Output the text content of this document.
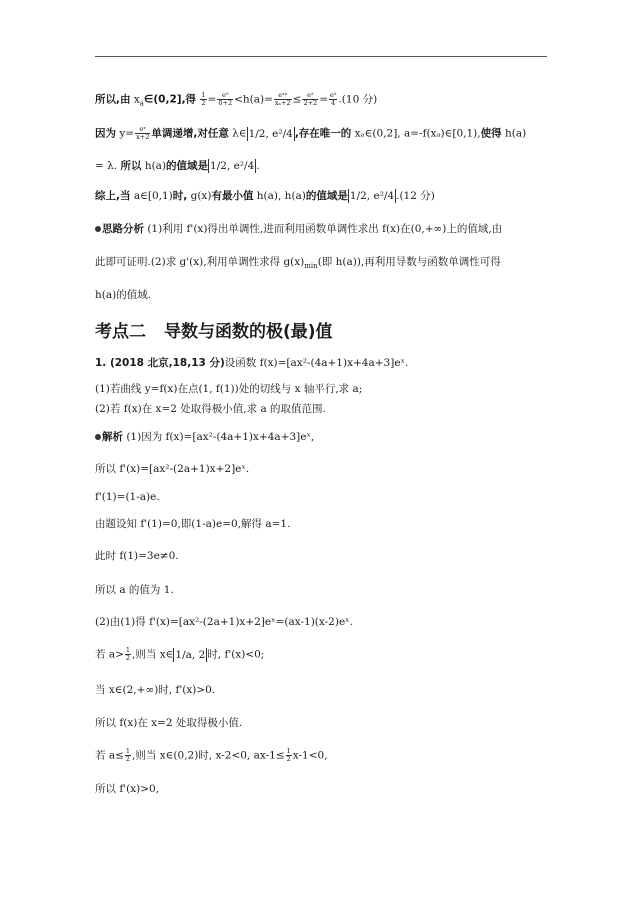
所以,由 $x_a\in(0,2]$,得 $\frac{1}{2} = \frac{\text{e⁰}}{0+2} <h(a)= \frac{\text{eˣᵃ}}{\text{xₐ+2}} \le \frac{\text{e²}}{2+2} = \frac{\text{e²}}{4} .(10$ 分)
因为 $y= \frac{\text{eˣ}}{x+2}$ 单调递增,对任意 λ∈ 1/2, e²/4 ,存在唯一的 xₐ∈(0,2], a=-f(xₐ)∈[0,1),使得 h(a)
= λ. 所以 h(a)的值域是 1/2, e²/4 .
综上,当 a∈[0,1)时, g(x)有最小值 h(a), h(a)的值域是 1/2, e²/4 .(12 分)
思路分析 (1)利用 f'(x)得出单调性,进而利用函数单调性求出 f(x)在(0,+∞)上的值域,由
此即可证明.(2)求 g'(x),利用单调性求得 $g(x)_{min}$(即 h(a)),再利用导数与函数单调性可得
h(a)的值域.
考点二 导数与函数的极(最)值
1. (2018 北京,18,13 分)设函数 f(x)=[ax²-(4a+1)x+4a+3]eˣ.
(1)若曲线 y=f(x)在点(1, f(1))处的切线与 x 轴平行,求 a;
(2)若 f(x)在 x=2 处取得极小值,求 a 的取值范围.
解析 (1)因为 f(x)=[ax²-(4a+1)x+4a+3]eˣ,
所以 f'(x)=[ax²-(2a+1)x+2]eˣ.
f'(1)=(1-a)e.
由题设知 f'(1)=0,即(1-a)e=0,解得 a=1.
此时 f(1)=3e≠0.
所以 a 的值为 1.
(2)由(1)得 f'(x)=[ax²-(2a+1)x+2]eˣ=(ax-1)(x-2)eˣ.
若 $a> \frac{1}{2}$ ,则当 x∈ 1/a, 2 时, f'(x)<0;
当 x∈(2,+∞)时, f'(x)>0.
所以 f(x)在 x=2 处取得极小值.
若 $a\le \frac{1}{2}$ ,则当 x∈(0,2)时, x-2<0, $ax-1\le \frac{1}{2} x-1<0$,
所以 f'(x)>0,
